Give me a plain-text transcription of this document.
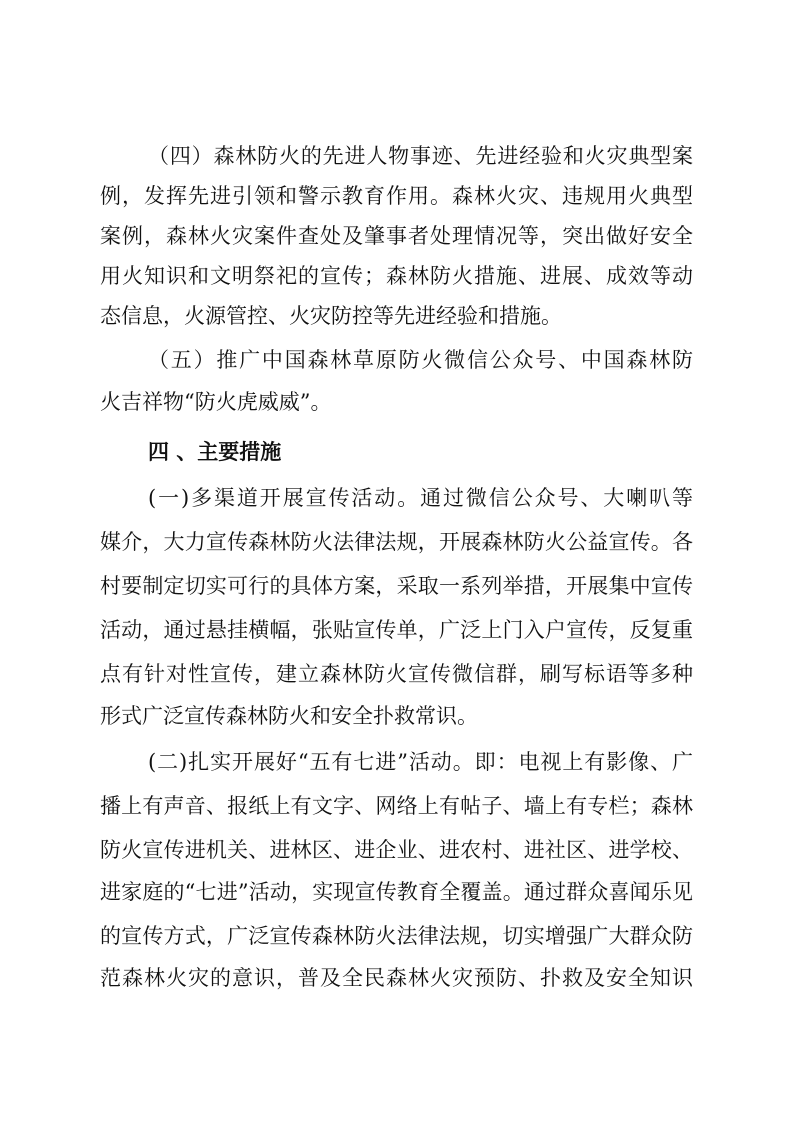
（四）森林防火的先进人物事迹、先进经验和火灾典型案
例，发挥先进引领和警示教育作用。森林火灾、违规用火典型
案例，森林火灾案件查处及肇事者处理情况等，突出做好安全
用火知识和文明祭祀的宣传；森林防火措施、进展、成效等动
态信息，火源管控、火灾防控等先进经验和措施。
（五）推广中国森林草原防火微信公众号、中国森林防
火吉祥物“防火虎威威”。
四 、主要措施
(一)多渠道开展宣传活动。通过微信公众号、大喇叭等
媒介，大力宣传森林防火法律法规，开展森林防火公益宣传。各
村要制定切实可行的具体方案，采取一系列举措，开展集中宣传
活动，通过悬挂横幅，张贴宣传单，广泛上门入户宣传，反复重
点有针对性宣传，建立森林防火宣传微信群，刷写标语等多种
形式广泛宣传森林防火和安全扑救常识。
(二)扎实开展好“五有七进”活动。即：电视上有影像、广
播上有声音、报纸上有文字、网络上有帖子、墙上有专栏；森林
防火宣传进机关、进林区、进企业、进农村、进社区、进学校、
进家庭的“七进”活动，实现宣传教育全覆盖。通过群众喜闻乐见
的宣传方式，广泛宣传森林防火法律法规，切实增强广大群众防
范森林火灾的意识，普及全民森林火灾预防、扑救及安全知识
